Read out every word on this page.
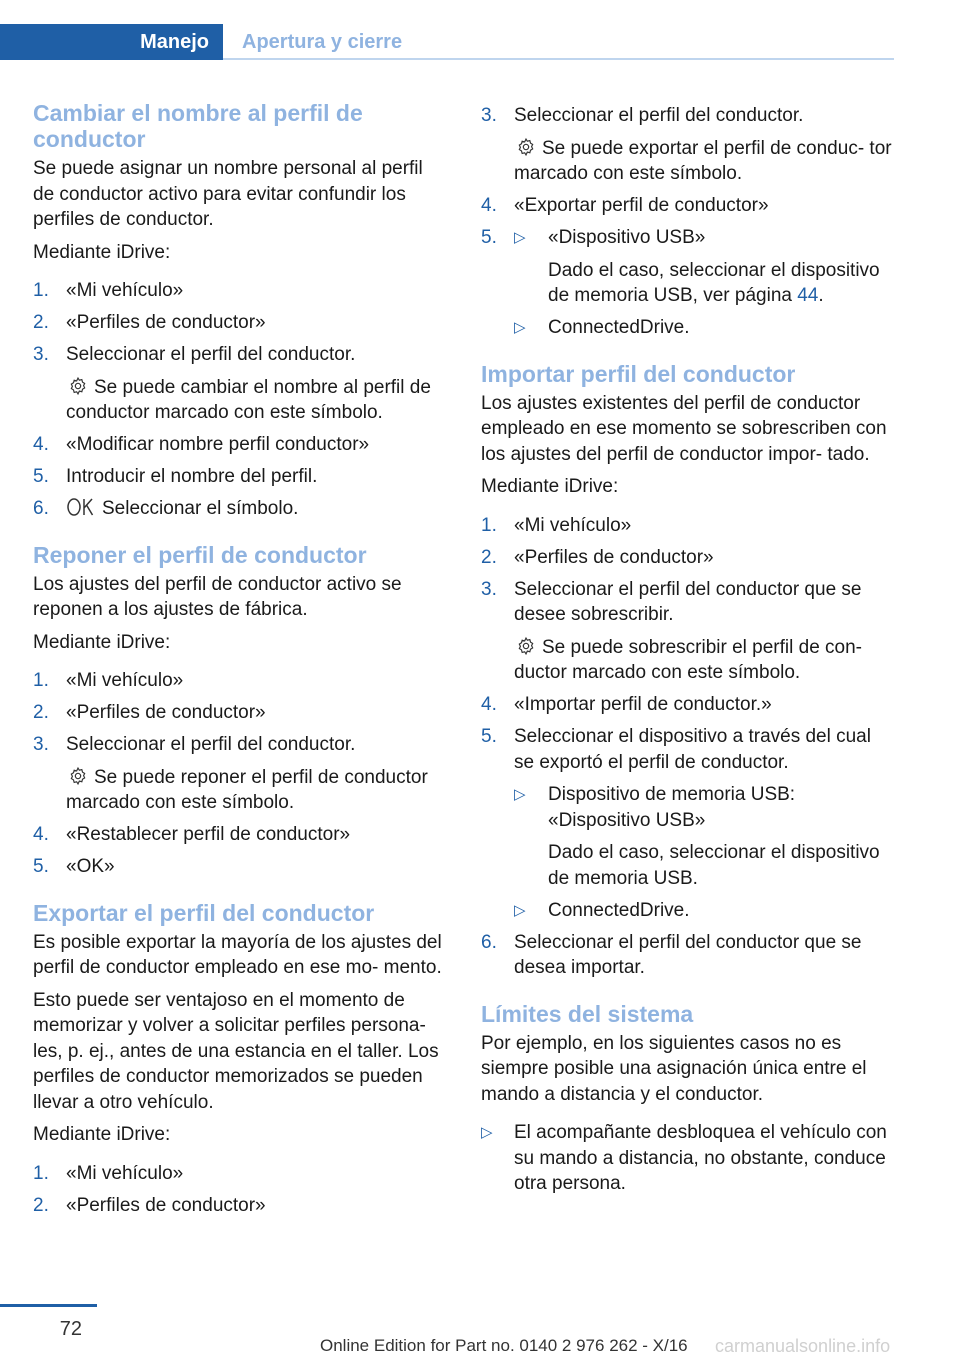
Manejo	Apertura y cierre
Cambiar el nombre al perfil de conductor

Se puede asignar un nombre personal al perfil de conductor activo para evitar confundir los perfiles de conductor.

Mediante iDrive:

1. «Mi vehículo»
2. «Perfiles de conductor»
3. Seleccionar el perfil del conductor.
Se puede cambiar el nombre al perfil de conductor marcado con este símbolo.
4. «Modificar nombre perfil conductor»
5. Introducir el nombre del perfil.
6.	Seleccionar el símbolo.
Reponer el perfil de conductor

Los ajustes del perfil de conductor activo se reponen a los ajustes de fábrica.

Mediante iDrive:

1. «Mi vehículo»
2. «Perfiles de conductor»
3. Seleccionar el perfil del conductor.
Se puede reponer el perfil de conductor marcado con este símbolo.
4. «Restablecer perfil de conductor»
5. «OK»
Exportar el perfil del conductor

Es posible exportar la mayoría de los ajustes del perfil de conductor empleado en ese mo‐ mento.

Esto puede ser ventajoso en el momento de memorizar y volver a solicitar perfiles persona‐ les, p. ej., antes de una estancia en el taller. Los perfiles de conductor memorizados se pueden llevar a otro vehículo.

Mediante iDrive:

1. «Mi vehículo»
2. «Perfiles de conductor»
3. Seleccionar el perfil del conductor.
Se puede exportar el perfil de conduc‐ tor marcado con este símbolo.
4. «Exportar perfil de conductor»
5. ▷ «Dispositivo USB»
Dado el caso, seleccionar el dispositivo de memoria USB, ver página 44.
▷ ConnectedDrive.
Importar perfil del conductor

Los ajustes existentes del perfil de conductor empleado en ese momento se sobrescriben con los ajustes del perfil de conductor impor‐ tado.

Mediante iDrive:

1. «Mi vehículo»
2. «Perfiles de conductor»
3. Seleccionar el perfil del conductor que se desee sobrescribir.
Se puede sobrescribir el perfil de con‐ ductor marcado con este símbolo.
4. «Importar perfil de conductor.»
5. Seleccionar el dispositivo a través del cual se exportó el perfil de conductor.
▷ Dispositivo de memoria USB: «Dispositivo USB»
Dado el caso, seleccionar el dispositivo de memoria USB.
▷ ConnectedDrive.
6. Seleccionar el perfil del conductor que se desea importar.
Límites del sistema

Por ejemplo, en los siguientes casos no es siempre posible una asignación única entre el mando a distancia y el conductor.

▷ El acompañante desbloquea el vehículo con su mando a distancia, no obstante, conduce otra persona.
72
Online Edition for Part no. 0140 2 976 262 - X/16 carmanualsonline.info
